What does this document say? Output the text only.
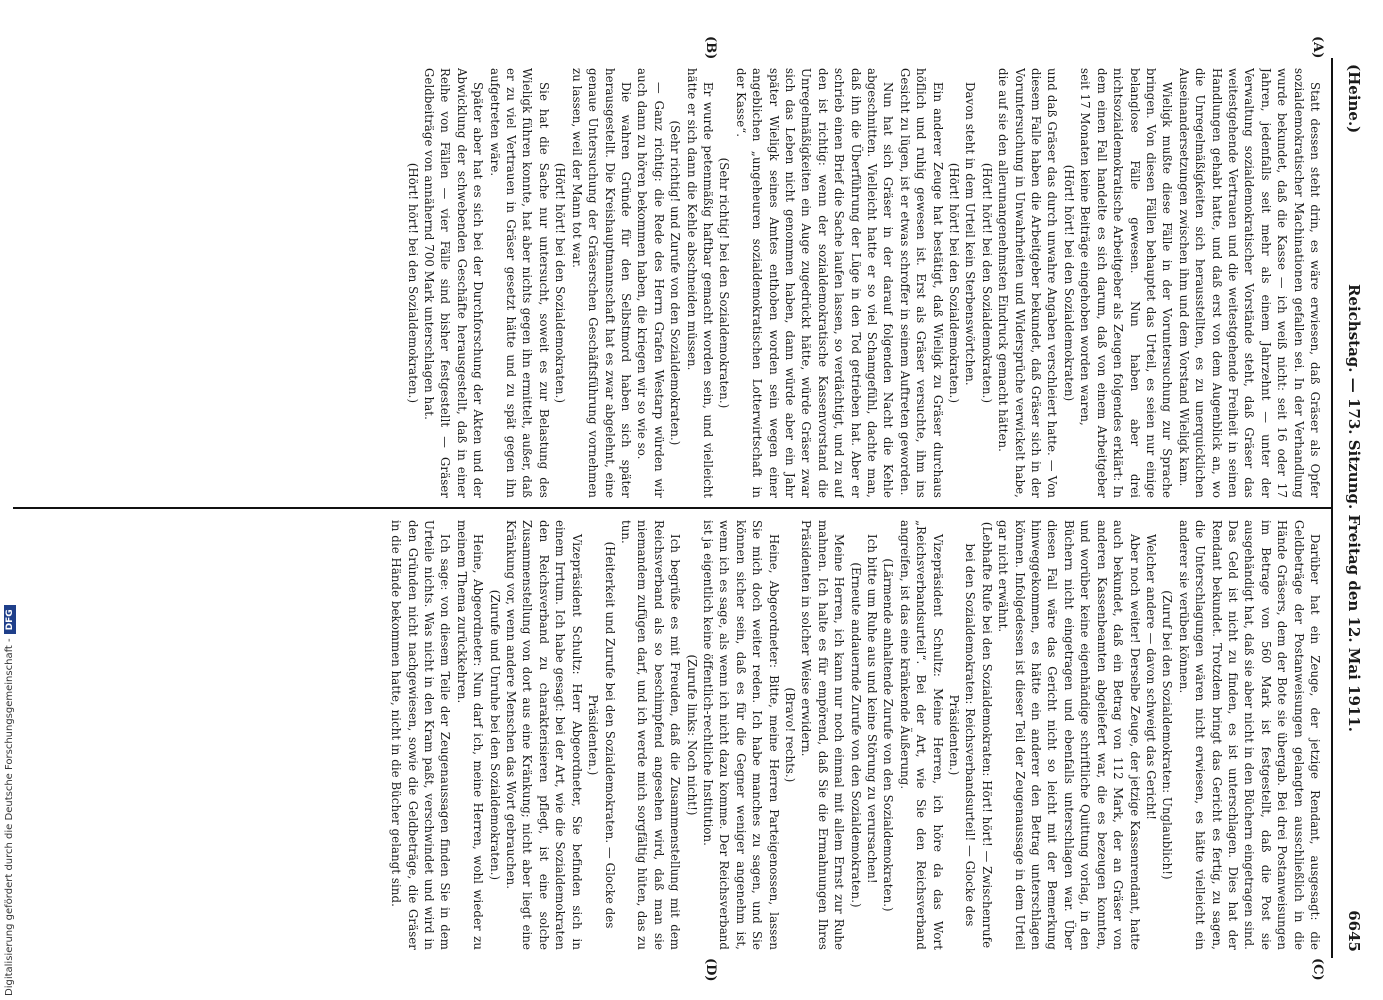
(Heine.)
Reichstag. — 173. Sitzung. Freitag den 12. Mai 1911.
6645
(A)
(B)
(C)
(D)

Statt dessen steht drin, es wäre erwiesen, daß Gräser als Opfer sozialdemokratischer Machinationen gefallen sei. In der Verhandlung wurde bekundet, daß die Kasse — ich weiß nicht: seit 16 oder 17 Jahren, jedenfalls seit mehr als einem Jahrzehnt — unter der Verwaltung sozialdemokratischer Vorstände steht, daß Gräser das weitestgehende Vertrauen und die weitestgehende Freiheit in seinen Handlungen gehabt hatte, und daß erst von dem Augenblick an, wo die Unregelmäßigkeiten sich herausstellten, es zu unerquicklichen Auseinandersetzungen zwischen ihm und dem Vorstand Wieligk kam.

Wieligk mußte diese Fälle in der Voruntersuchung zur Sprache bringen. Von diesen Fällen behauptet das Urteil, es seien nur einige belanglose Fälle gewesen. Nun haben aber drei nichtsozialdemokratische Arbeitgeber als Zeugen folgendes erklärt: In dem einen Fall handelte es sich darum, daß von einem Arbeitgeber seit 17 Monaten keine Beiträge eingehoben worden waren,

(Hört! hört! bei den Sozialdemokraten)

und daß Gräser das durch unwahre Angaben verschleiert hatte. — Von diesem Falle haben die Arbeitgeber bekundet, daß Gräser sich in der Voruntersuchung in Unwahrheiten und Widersprüche verwickelt habe, die auf sie den allerunangenehmsten Eindruck gemacht hätten.

(Hört! hört! bei den Sozialdemokraten.)

Davon steht in dem Urteil kein Sterbenswörtchen.

(Hört! hört! bei den Sozialdemokraten.)

Ein anderer Zeuge hat bestätigt, daß Wieligk zu Gräser durchaus höflich und ruhig gewesen ist. Erst als Gräser versuchte, ihm ins Gesicht zu lügen, ist er etwas schroffer in seinem Auftreten geworden.

Nun hat sich Gräser in der darauf folgenden Nacht die Kehle abgeschnitten. Vielleicht hatte er so viel Schamgefühl, dachte man, daß ihn die Überführung der Lüge in den Tod getrieben hat. Aber er schrieb einen Brief die Sache laufen lassen, so verdächtigt, und zu auf den ist richtig: wenn der sozialdemokratische Kassenvorstand die Unregelmäßigkeiten ein Auge zugedrückt hätte, würde Gräser zwar sich das Leben nicht genommen haben, dann würde aber ein Jahr später Wieligk seines Amtes enthoben worden sein wegen einer angeblichen „ungeheuren sozialdemokratischen Lotterwirtschaft in der Kasse“.

(Sehr richtig! bei den Sozialdemokraten.)

Er wurde petenmäßig haftbar gemacht worden sein, und vielleicht hätte er sich dann die Kehle abschneiden müssen.

(Sehr richtig! und Zurufe von den Sozialdemokraten.)

— Ganz richtig: die Rede des Herrn Grafen Westarp würden wir auch dann zu hören bekommen haben, die kriegen wir so wie so.

Die wahren Gründe für den Selbstmord haben sich später herausgestellt. Die Kreishauptmannschaft hat es zwar abgelehnt, eine genaue Untersuchung der Gräserschen Geschäftsführung vornehmen zu lassen, weil der Mann tot war.

(Hört! hört! bei den Sozialdemokraten.)

Sie hat die Sache nur untersucht, soweit es zur Belastung des Wieligk führen konnte, hat aber nichts gegen ihn ermittelt, außer, daß er zu viel Vertrauen in Gräser gesetzt hätte und zu spät gegen ihn aufgetreten wäre.

Später aber hat es sich bei der Durchforschung der Akten und der Abwicklung der schwebenden Geschäfte herausgestellt, daß in einer Reihe von Fällen — vier Fälle sind bisher festgestellt — Gräser Geldbeiträge von annähernd 700 Mark unterschlagen hat.

(Hört! hört! bei den Sozialdemokraten.)

Darüber hat ein Zeuge, der jetzige Rendant, ausgesagt: die Geldbeträge der Postanweisungen gelangten ausschließlich in die Hände Gräsers, dem der Bote sie übergab. Bei drei Postanweisungen im Betrage von 560 Mark ist festgestellt, daß die Post sie ausgehändigt hat, daß sie aber nicht in den Büchern eingetragen sind. Das Geld ist nicht zu finden, es ist unterschlagen. Dies hat der Rendant bekundet. Trotzdem bringt das Gericht es fertig, zu sagen, die Unterschlagungen wären nicht erwiesen, es hätte vielleicht ein anderer sie verüben können.

(Zuruf bei den Sozialdemokraten: Unglaublich!)

Welcher andere — davon schweigt das Gericht!

Aber noch weiter! Derselbe Zeuge, der jetzige Kassenrendant, hatte auch bekundet, daß ein Betrag von 112 Mark, der an Gräser von anderen Kassenbeamten abgeliefert war, die es bezeugen konnten, und worüber keine eigenhändige schriftliche Quittung vorlag, in den Büchern nicht eingetragen und ebenfalls unterschlagen war. Über diesen Fall wäre das Gericht nicht so leicht mit der Bemerkung hinweggekommen, es hätte ein anderer den Betrag unterschlagen können. Infolgedessen ist dieser Teil der Zeugenaussage in dem Urteil gar nicht erwähnt.

(Lebhafte Rufe bei den Sozialdemokraten: Hört! hört! — Zwischenrufe bei den Sozialdemokraten: Reichsverbandsurteil! — Glocke des Präsidenten.)

Vizepräsident Schultz: Meine Herren, ich höre da das Wort „Reichsverbandsurteil“. Bei der Art, wie Sie den Reichsverband angreifen, ist das eine kränkende Äußerung.

(Lärmende anhaltende Zurufe von den Sozialdemokraten.)

Ich bitte um Ruhe aus und keine Störung zu verursachen!

(Erneute andauernde Zurufe von den Sozialdemokraten.)

Meine Herren, ich kann nur noch einmal mit allem Ernst zur Ruhe mahnen. Ich halte es für empörend, daß Sie die Ermahnungen Ihres Präsidenten in solcher Weise erwidern.

(Bravo! rechts.)

Heine, Abgeordneter: Bitte, meine Herren Parteigenossen, lassen Sie mich doch weiter reden. Ich habe manches zu sagen, und Sie können sicher sein, daß es für die Gegner weniger angenehm ist, wenn ich es sage, als wenn ich nicht dazu komme. Der Reichsverband ist ja eigentlich keine öffentlich-rechtliche Institution.

(Zurufe links: Noch nicht!)

Ich begrüße es mit Freuden, daß die Zusammenstellung mit dem Reichsverband als so beschimpfend angesehen wird, daß man sie niemandem zufügen darf, und ich werde mich sorgfältig hüten, das zu tun.

(Heiterkeit und Zurufe bei den Sozialdemokraten. — Glocke des Präsidenten.)

Vizepräsident Schultz: Herr Abgeordneter, Sie befinden sich in einem Irrtum. Ich habe gesagt: bei der Art, wie die Sozialdemokraten den Reichsverband zu charakterisieren pflegt, ist eine solche Zusammenstellung von dort aus eine Kränkung; nicht aber liegt eine Kränkung vor, wenn andere Menschen das Wort gebrauchen.

(Zurufe und Unruhe bei den Sozialdemokraten.)

Heine, Abgeordneter: Nun darf ich, meine Herren, wohl wieder zu meinem Thema zurückkehren.

Ich sage: von diesem Teile der Zeugenaussagen finden Sie in dem Urteile nichts. Was nicht in den Kram paßt, verschwindet und wird in den Gründen nicht nachgewiesen, sowie die Geldbeträge, die Gräser in die Hände bekommen hatte, nicht in die Bücher gelangt sind.

Digitalisierung gefördert durch die Deutsche Forschungsgemeinschaft -DFG
